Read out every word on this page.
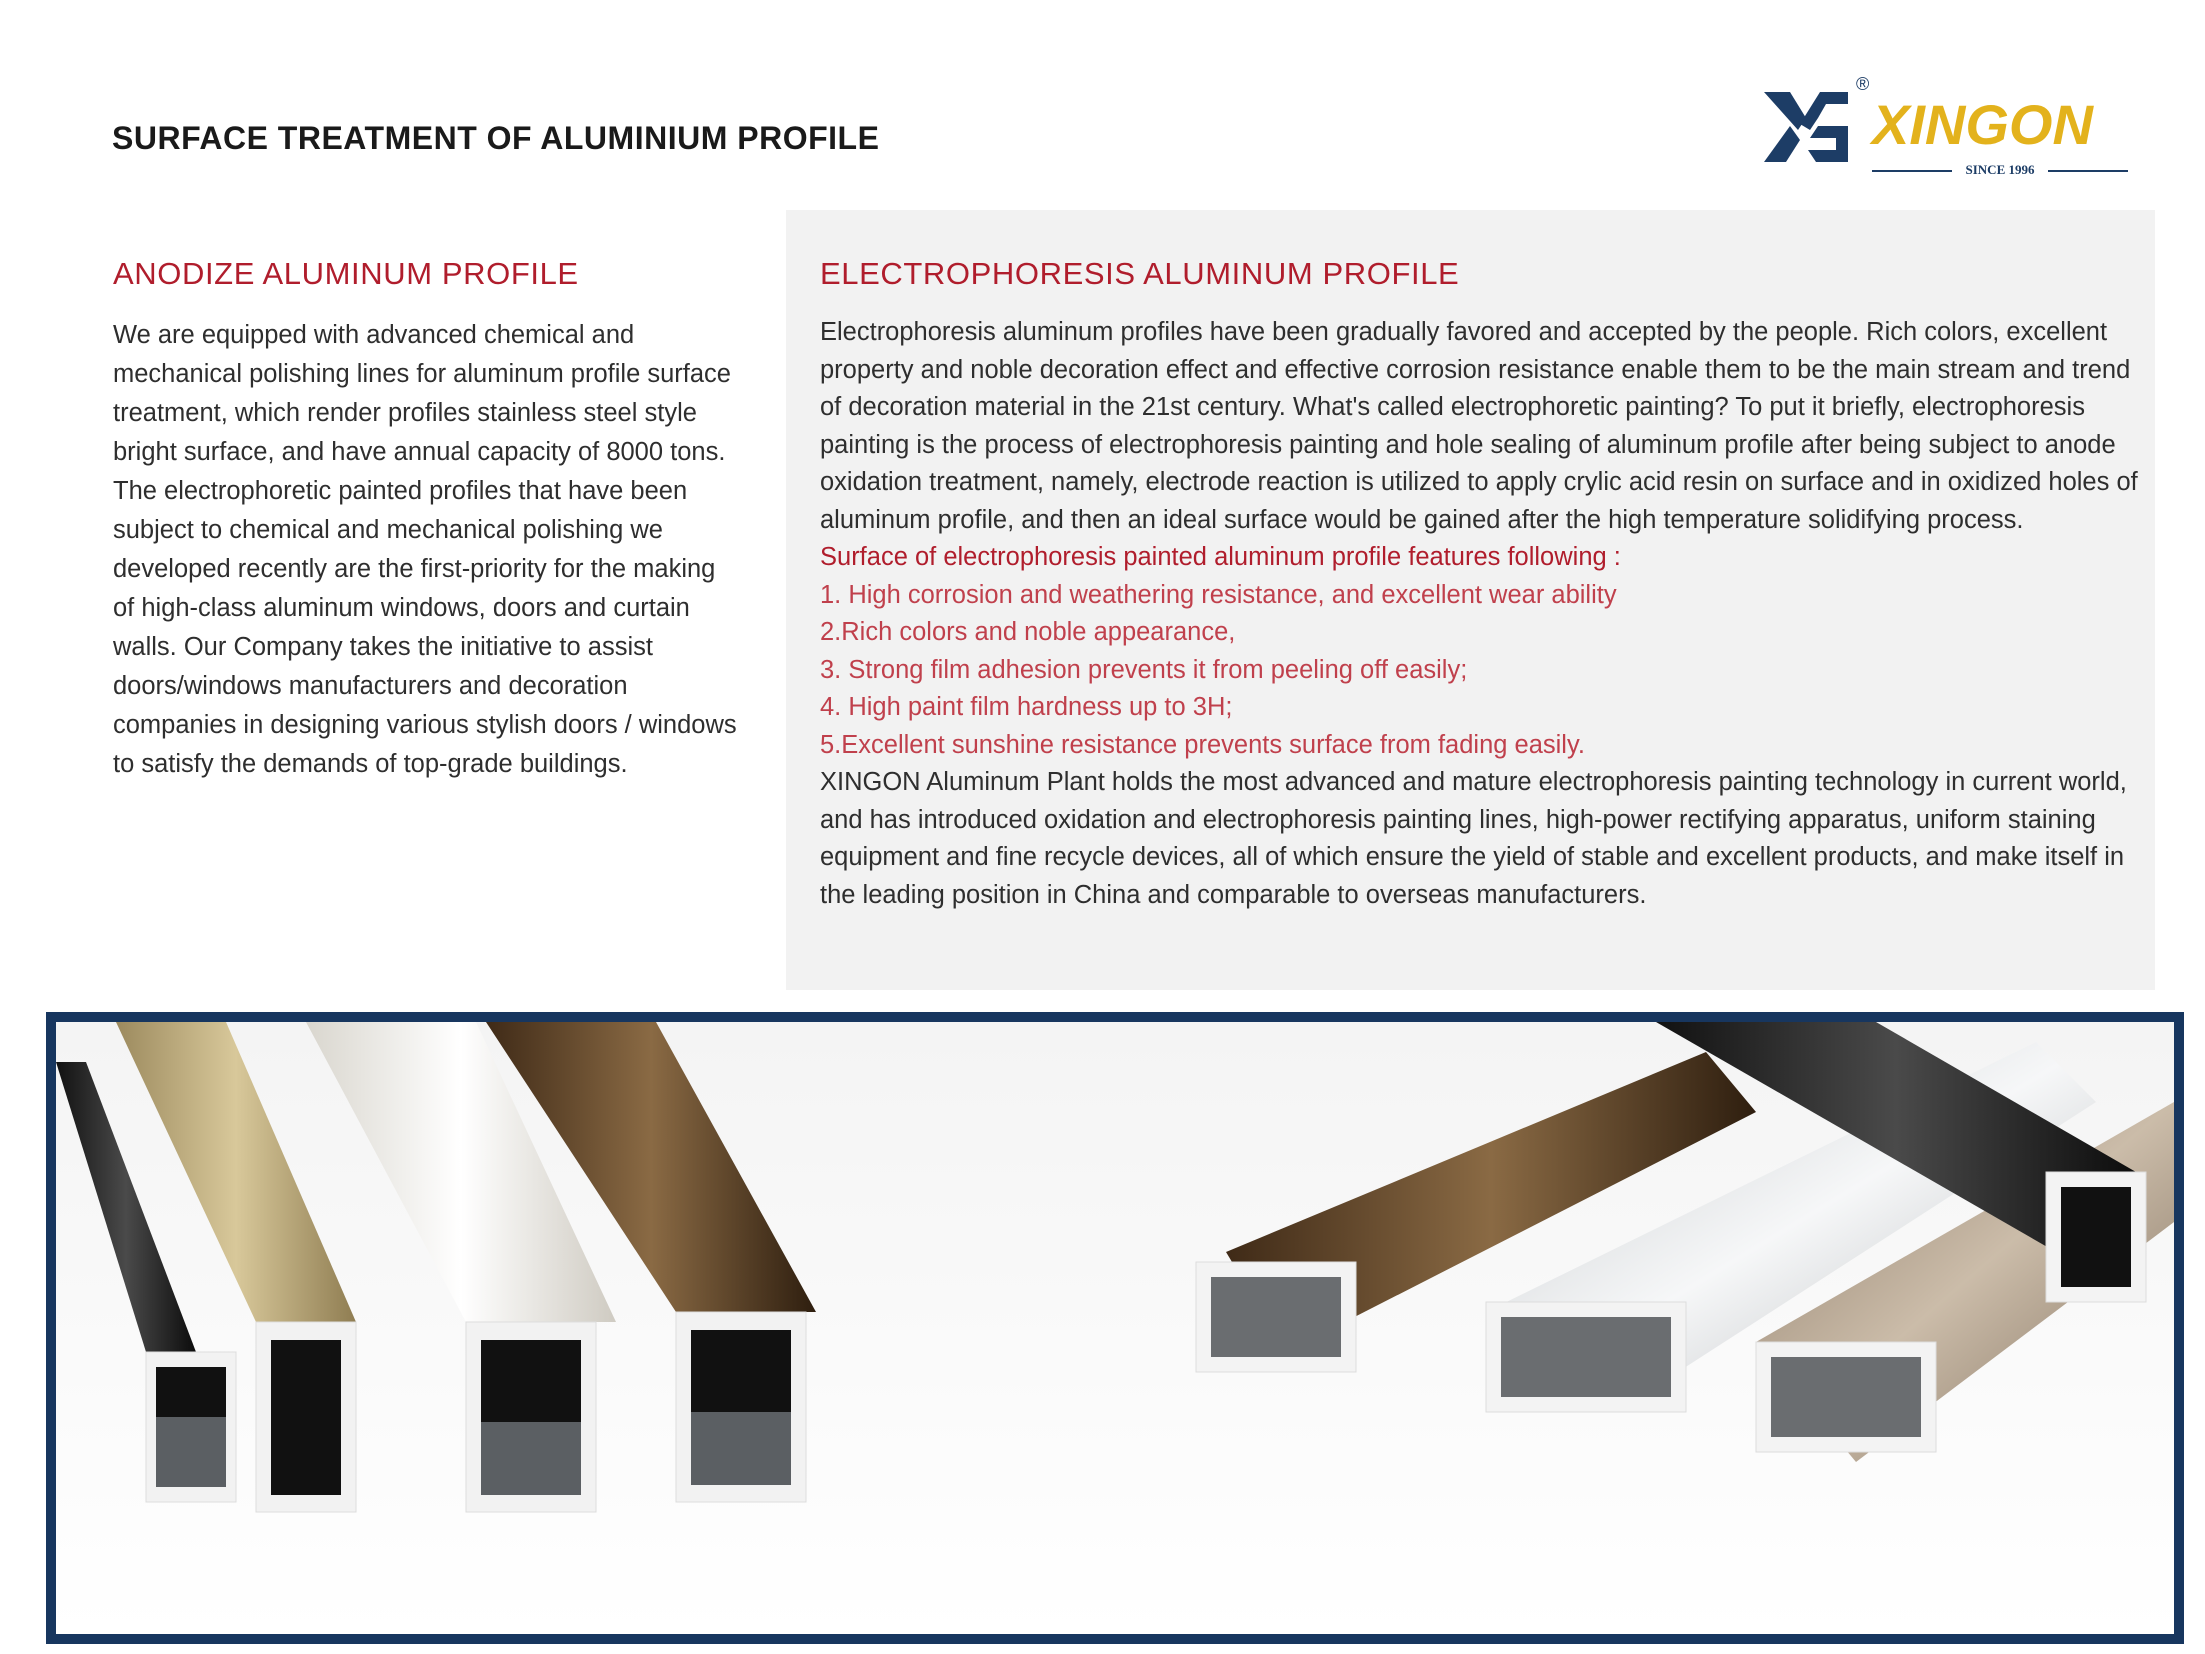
SURFACE TREATMENT OF ALUMINIUM PROFILE
®
XINGON
SINCE 1996
ANODIZE ALUMINUM PROFILE
We are equipped with advanced chemical and mechanical polishing lines for aluminum profile surface treatment, which render profiles stainless steel style bright surface, and have annual capacity of 8000 tons. The electrophoretic painted profiles that have been subject to chemical and mechanical polishing we developed recently are the first-priority for the making of high-class aluminum windows, doors and curtain walls. Our Company takes the initiative to assist doors/windows manufacturers and decoration companies in designing various stylish doors / windows to satisfy the demands of top-grade buildings.
ELECTROPHORESIS ALUMINUM PROFILE

Electrophoresis aluminum profiles have been gradually favored and accepted by the people. Rich colors, excellent property and noble decoration effect and effective corrosion resistance enable them to be the main stream and trend of decoration material in the 21st century. What's called electrophoretic painting? To put it briefly, electrophoresis painting is the process of electrophoresis painting and hole sealing of aluminum profile after being subject to anode oxidation treatment, namely, electrode reaction is utilized to apply crylic acid resin on surface and in oxidized holes of aluminum profile, and then an ideal surface would be gained after the high temperature solidifying process.

Surface of electrophoresis painted aluminum profile features following :

1. High corrosion and weathering resistance, and excellent wear ability
2.Rich colors and noble appearance,
3. Strong film adhesion prevents it from peeling off easily;
4. High paint film hardness up to 3H;
5.Excellent sunshine resistance prevents surface from fading easily.

XINGON Aluminum Plant holds the most advanced and mature electrophoresis painting technology in current world, and has introduced oxidation and electrophoresis painting lines, high-power rectifying apparatus, uniform staining equipment and fine recycle devices, all of which ensure the yield of stable and excellent products, and make itself in the leading position in China and comparable to overseas manufacturers.
